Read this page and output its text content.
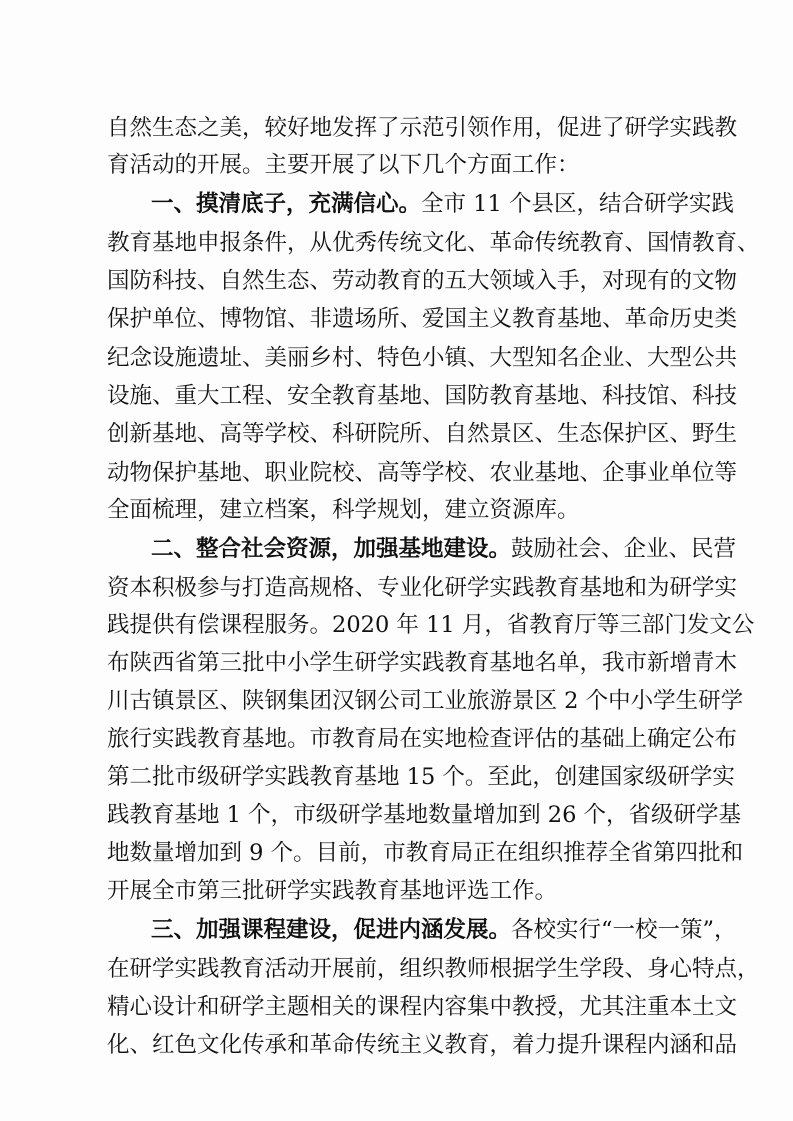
自然生态之美，较好地发挥了示范引领作用，促进了研学实践教
育活动的开展。主要开展了以下几个方面工作：
一、摸清底子，充满信心。全市 11 个县区，结合研学实践
教育基地申报条件，从优秀传统文化、革命传统教育、国情教育、
国防科技、自然生态、劳动教育的五大领域入手，对现有的文物
保护单位、博物馆、非遗场所、爱国主义教育基地、革命历史类
纪念设施遗址、美丽乡村、特色小镇、大型知名企业、大型公共
设施、重大工程、安全教育基地、国防教育基地、科技馆、科技
创新基地、高等学校、科研院所、自然景区、生态保护区、野生
动物保护基地、职业院校、高等学校、农业基地、企事业单位等
全面梳理，建立档案，科学规划，建立资源库。
二、整合社会资源，加强基地建设。鼓励社会、企业、民营
资本积极参与打造高规格、专业化研学实践教育基地和为研学实
践提供有偿课程服务。2020 年 11 月，省教育厅等三部门发文公
布陕西省第三批中小学生研学实践教育基地名单，我市新增青木
川古镇景区、陕钢集团汉钢公司工业旅游景区 2 个中小学生研学
旅行实践教育基地。市教育局在实地检查评估的基础上确定公布
第二批市级研学实践教育基地 15 个。至此，创建国家级研学实
践教育基地 1 个，市级研学基地数量增加到 26 个，省级研学基
地数量增加到 9 个。目前，市教育局正在组织推荐全省第四批和
开展全市第三批研学实践教育基地评选工作。
三、加强课程建设，促进内涵发展。各校实行“一校一策”，
在研学实践教育活动开展前，组织教师根据学生学段、身心特点，
精心设计和研学主题相关的课程内容集中教授，尤其注重本土文
化、红色文化传承和革命传统主义教育，着力提升课程内涵和品
